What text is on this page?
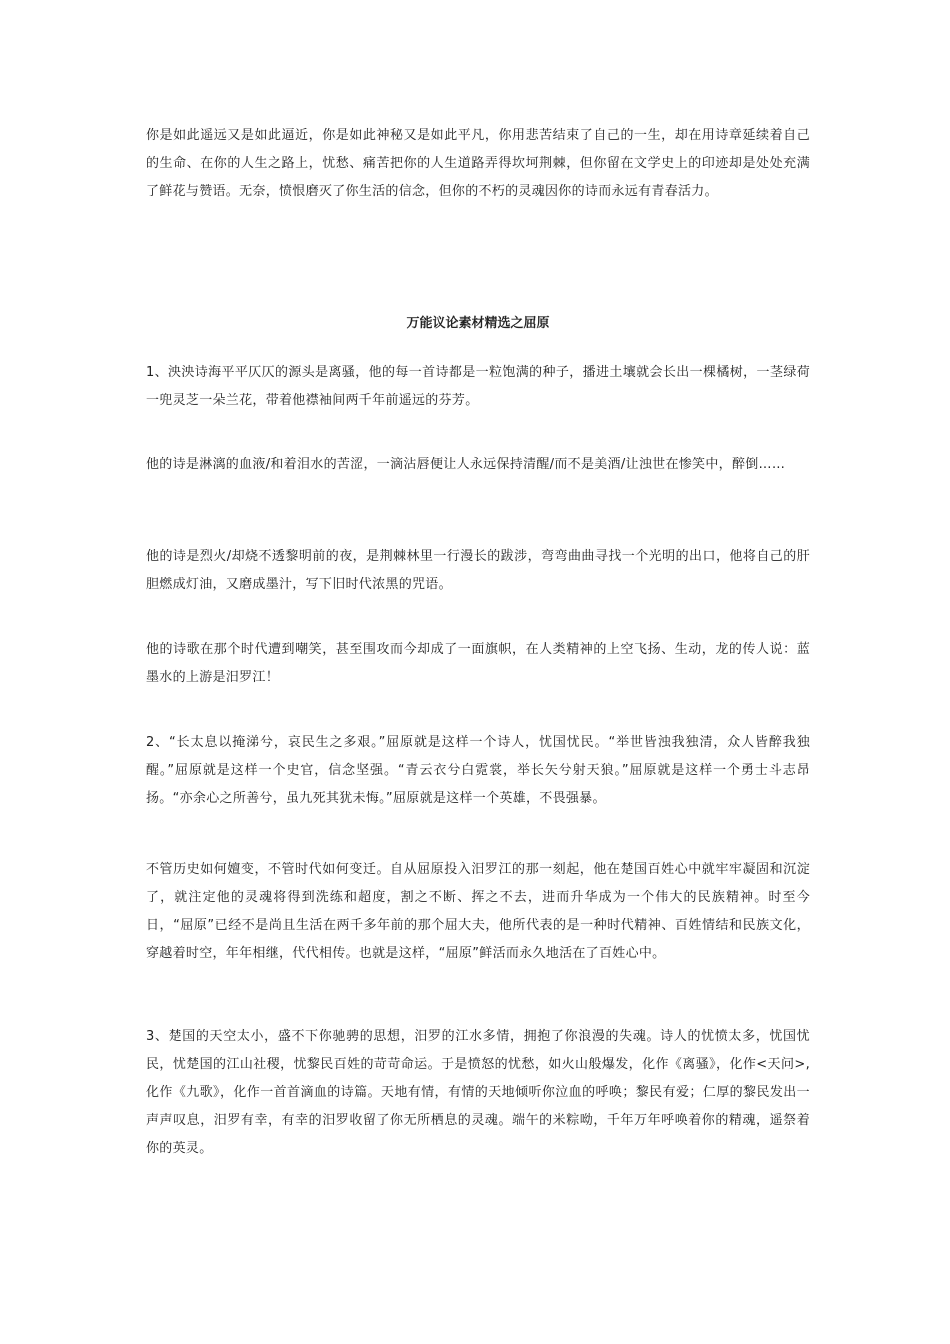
你是如此遥远又是如此逼近，你是如此神秘又是如此平凡，你用悲苦结束了自己的一生，却在用诗章延续着自己的生命、在你的人生之路上，忧愁、痛苦把你的人生道路弄得坎坷荆棘，但你留在文学史上的印迹却是处处充满了鲜花与赞语。无奈，愤恨磨灭了你生活的信念，但你的不朽的灵魂因你的诗而永远有青春活力。

万能议论素材精选之屈原

1、泱泱诗海平平仄仄的源头是离骚，他的每一首诗都是一粒饱满的种子，播进土壤就会长出一棵橘树，一茎绿荷一兜灵芝一朵兰花，带着他襟袖间两千年前遥远的芬芳。

他的诗是淋漓的血液/和着泪水的苦涩，一滴沾唇便让人永远保持清醒/而不是美酒/让浊世在惨笑中，醉倒……

他的诗是烈火/却烧不透黎明前的夜，是荆棘林里一行漫长的跋涉，弯弯曲曲寻找一个光明的出口，他将自己的肝胆燃成灯油，又磨成墨汁，写下旧时代浓黑的咒语。

他的诗歌在那个时代遭到嘲笑，甚至围攻而今却成了一面旗帜，在人类精神的上空飞扬、生动，龙的传人说：蓝墨水的上游是汨罗江！

2、“长太息以掩涕兮，哀民生之多艰。”屈原就是这样一个诗人，忧国忧民。“举世皆浊我独清，众人皆醉我独醒。”屈原就是这样一个史官，信念坚强。“青云衣兮白霓裳，举长矢兮射天狼。”屈原就是这样一个勇士斗志昂扬。“亦余心之所善兮，虽九死其犹未悔。”屈原就是这样一个英雄，不畏强暴。

不管历史如何嬗变，不管时代如何变迁。自从屈原投入汨罗江的那一刻起，他在楚国百姓心中就牢牢凝固和沉淀了，就注定他的灵魂将得到洗练和超度，割之不断、挥之不去，进而升华成为一个伟大的民族精神。时至今日，“屈原”已经不是尚且生活在两千多年前的那个屈大夫，他所代表的是一种时代精神、百姓情结和民族文化，穿越着时空，年年相继，代代相传。也就是这样，“屈原”鲜活而永久地活在了百姓心中。

3、楚国的天空太小，盛不下你驰骋的思想，汨罗的江水多情，拥抱了你浪漫的失魂。诗人的忧愤太多，忧国忧民，忧楚国的江山社稷，忧黎民百姓的苛苛命运。于是愤怒的忧愁，如火山般爆发，化作《离骚》，化作<天问>,化作《九歌》，化作一首首滴血的诗篇。天地有情，有情的天地倾听你泣血的呼唤；黎民有爱；仁厚的黎民发出一声声叹息，汨罗有幸，有幸的汨罗收留了你无所栖息的灵魂。端午的米粽呦，千年万年呼唤着你的精魂，遥祭着你的英灵。
